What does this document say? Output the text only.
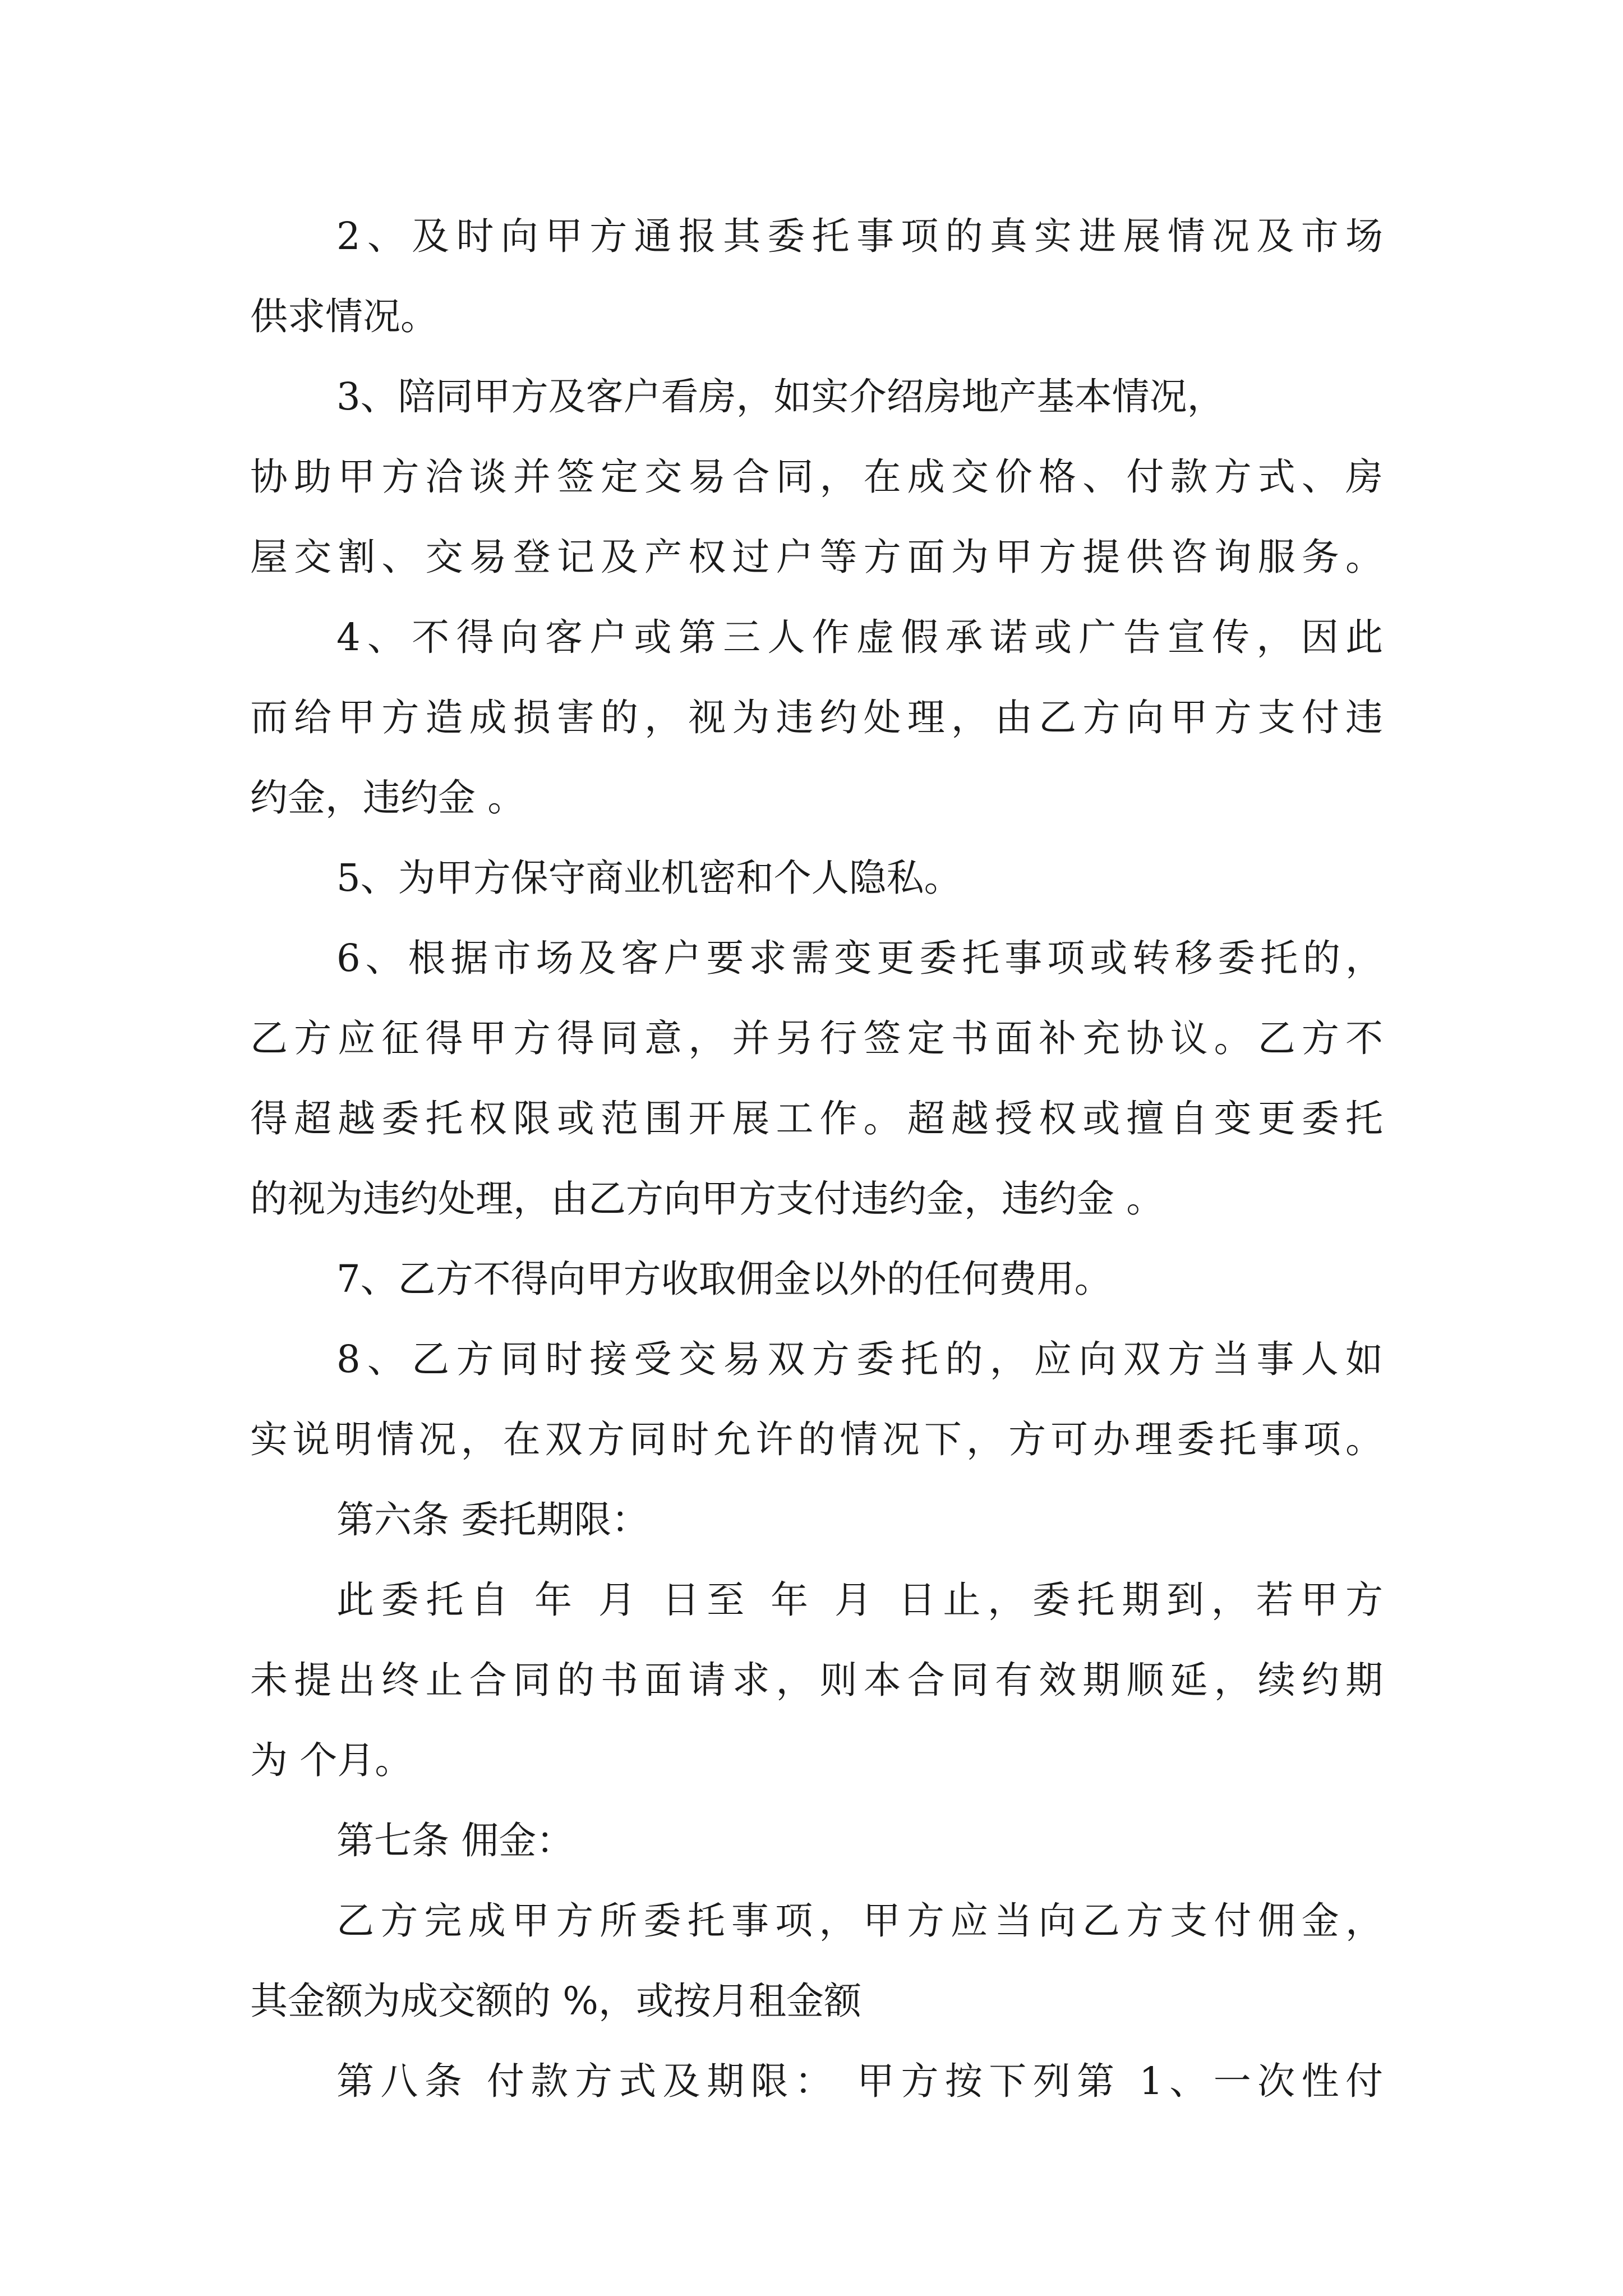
2、及时向甲方通报其委托事项的真实进展情况及市场
供求情况。
3、陪同甲方及客户看房，如实介绍房地产基本情况，
协助甲方洽谈并签定交易合同，在成交价格、付款方式、房
屋交割、交易登记及产权过户等方面为甲方提供咨询服务。
4、不得向客户或第三人作虚假承诺或广告宣传，因此
而给甲方造成损害的，视为违约处理，由乙方向甲方支付违
约金，违约金 。
5、为甲方保守商业机密和个人隐私。
6、根据市场及客户要求需变更委托事项或转移委托的，
乙方应征得甲方得同意，并另行签定书面补充协议。乙方不
得超越委托权限或范围开展工作。超越授权或擅自变更委托
的视为违约处理，由乙方向甲方支付违约金，违约金 。
7、乙方不得向甲方收取佣金以外的任何费用。
8、乙方同时接受交易双方委托的，应向双方当事人如
实说明情况，在双方同时允许的情况下，方可办理委托事项。
第六条 委托期限：
此委托自 年 月 日至 年 月 日止，委托期到，若甲方
未提出终止合同的书面请求，则本合同有效期顺延，续约期
为 个月。
第七条 佣金：
乙方完成甲方所委托事项，甲方应当向乙方支付佣金，
其金额为成交额的 %，或按月租金额
第八条 付款方式及期限： 甲方按下列第 1、一次性付
